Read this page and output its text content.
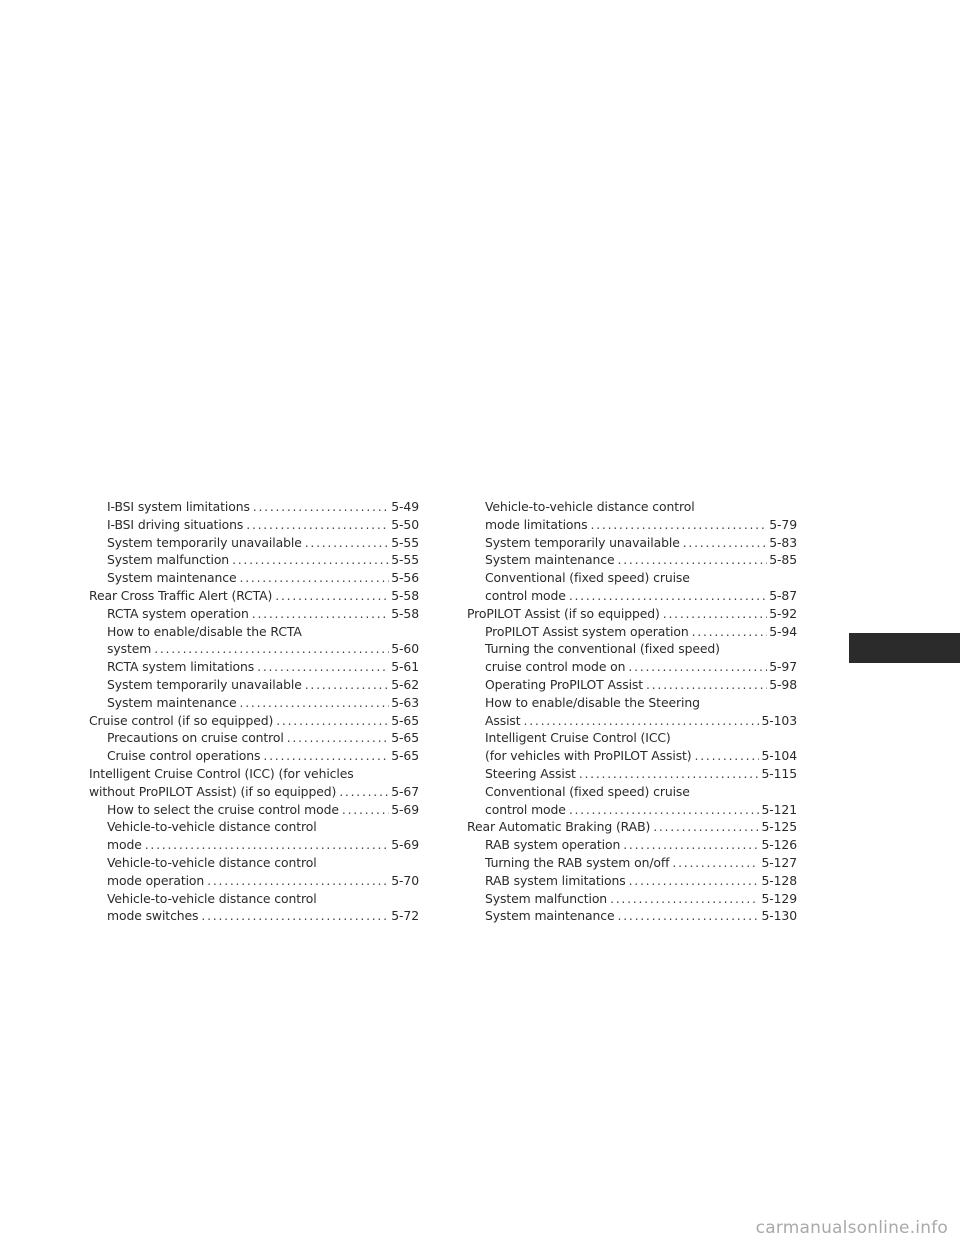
I-BSI system limitations . . .	5-49
I-BSI driving situations . . .	5-50
System temporarily unavailable . . .	5-55
System malfunction . . .	5-55
System maintenance . . .	5-56
Rear Cross Traffic Alert (RCTA) . . .	5-58
RCTA system operation . . .	5-58
How to enable/disable the RCTA
system . . .	5-60
RCTA system limitations . . .	5-61
System temporarily unavailable . . .	5-62
System maintenance . . .	5-63
Cruise control (if so equipped) . . .	5-65
Precautions on cruise control . . .	5-65
Cruise control operations . . .	5-65
Intelligent Cruise Control (ICC) (for vehicles
without ProPILOT Assist) (if so equipped) . . .	5-67
How to select the cruise control mode . . .	5-69
Vehicle-to-vehicle distance control
mode . . .	5-69
Vehicle-to-vehicle distance control
mode operation . . .	5-70
Vehicle-to-vehicle distance control
mode switches . . .	5-72
Vehicle-to-vehicle distance control
mode limitations . . .	5-79
System temporarily unavailable . . .	5-83
System maintenance . . .	5-85
Conventional (fixed speed) cruise
control mode . . .	5-87
ProPILOT Assist (if so equipped) . . .	5-92
ProPILOT Assist system operation . . .	5-94
Turning the conventional (fixed speed)
cruise control mode on . . .	5-97
Operating ProPILOT Assist . . .	5-98
How to enable/disable the Steering
Assist . . .	5-103
Intelligent Cruise Control (ICC)
(for vehicles with ProPILOT Assist) . . .	5-104
Steering Assist . . .	5-115
Conventional (fixed speed) cruise
control mode . . .	5-121
Rear Automatic Braking (RAB) . . .	5-125
RAB system operation . . .	5-126
Turning the RAB system on/off . . .	5-127
RAB system limitations . . .	5-128
System malfunction . . .	5-129
System maintenance . . .	5-130
carmanualsonline.info
